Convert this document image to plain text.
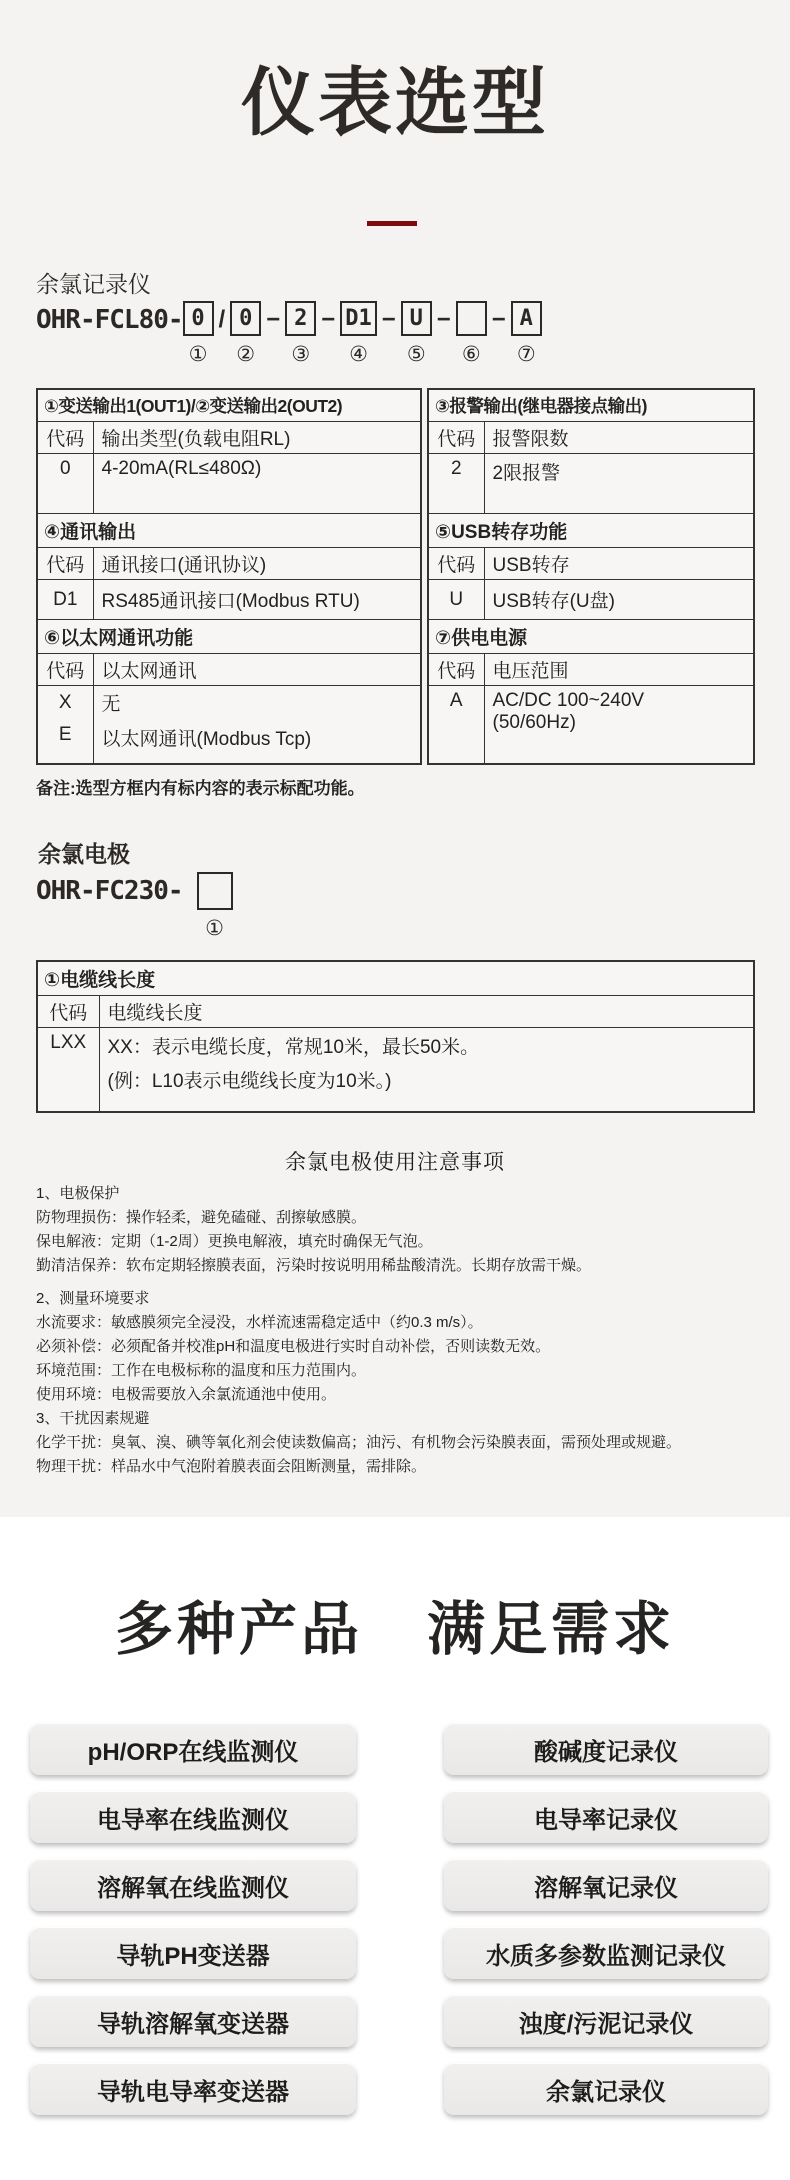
仪表选型
余氯记录仪
OHR-FCL80- 0
①
/ 0
②
− 2
③
− D1
④
− U
⑤
−
⑥
− A
⑦
①变送输出1(OUT1)/②变送输出2(OUT2)	
代码	输出类型(负载电阻RL)
0	4-20mA(RL≤480Ω)
④通讯输出	
代码	通讯接口(通讯协议)
D1	RS485通讯接口(Modbus RTU)
⑥以太网通讯功能	
代码	以太网通讯
X	无
E	以太网通讯(Modbus Tcp)
③报警输出(继电器接点输出)	
代码	报警限数
2	2限报警
⑤USB转存功能	
代码	USB转存
U	USB转存(U盘)
⑦供电电源	
代码	电压范围
A	AC/DC 100~240V
(50/60Hz)
备注:选型方框内有标内容的表示标配功能。
余氯电极
OHR-FC230-
①
①电缆线长度	
代码	电缆线长度
LXX	XX：表示电缆长度，常规10米，最长50米。
(例：L10表示电缆线长度为10米。)
余氯电极使用注意事项
1、电极保护
防物理损伤：操作轻柔，避免磕碰、刮擦敏感膜。
保电解液：定期（1-2周）更换电解液，填充时确保无气泡。
勤清洁保养：软布定期轻擦膜表面，污染时按说明用稀盐酸清洗。长期存放需干燥。
2、测量环境要求
水流要求：敏感膜须完全浸没，水样流速需稳定适中（约0.3 m/s）。
必须补偿：必须配备并校准pH和温度电极进行实时自动补偿，否则读数无效。
环境范围：工作在电极标称的温度和压力范围内。
使用环境：电极需要放入余氯流通池中使用。
3、干扰因素规避
化学干扰：臭氧、溴、碘等氧化剂会使读数偏高；油污、有机物会污染膜表面，需预处理或规避。
物理干扰：样品水中气泡附着膜表面会阻断测量，需排除。
多种产品 满足需求
pH/ORP在线监测仪	酸碱度记录仪
电导率在线监测仪	电导率记录仪
溶解氧在线监测仪	溶解氧记录仪
导轨PH变送器	水质多参数监测记录仪
导轨溶解氧变送器	浊度/污泥记录仪
导轨电导率变送器	余氯记录仪
